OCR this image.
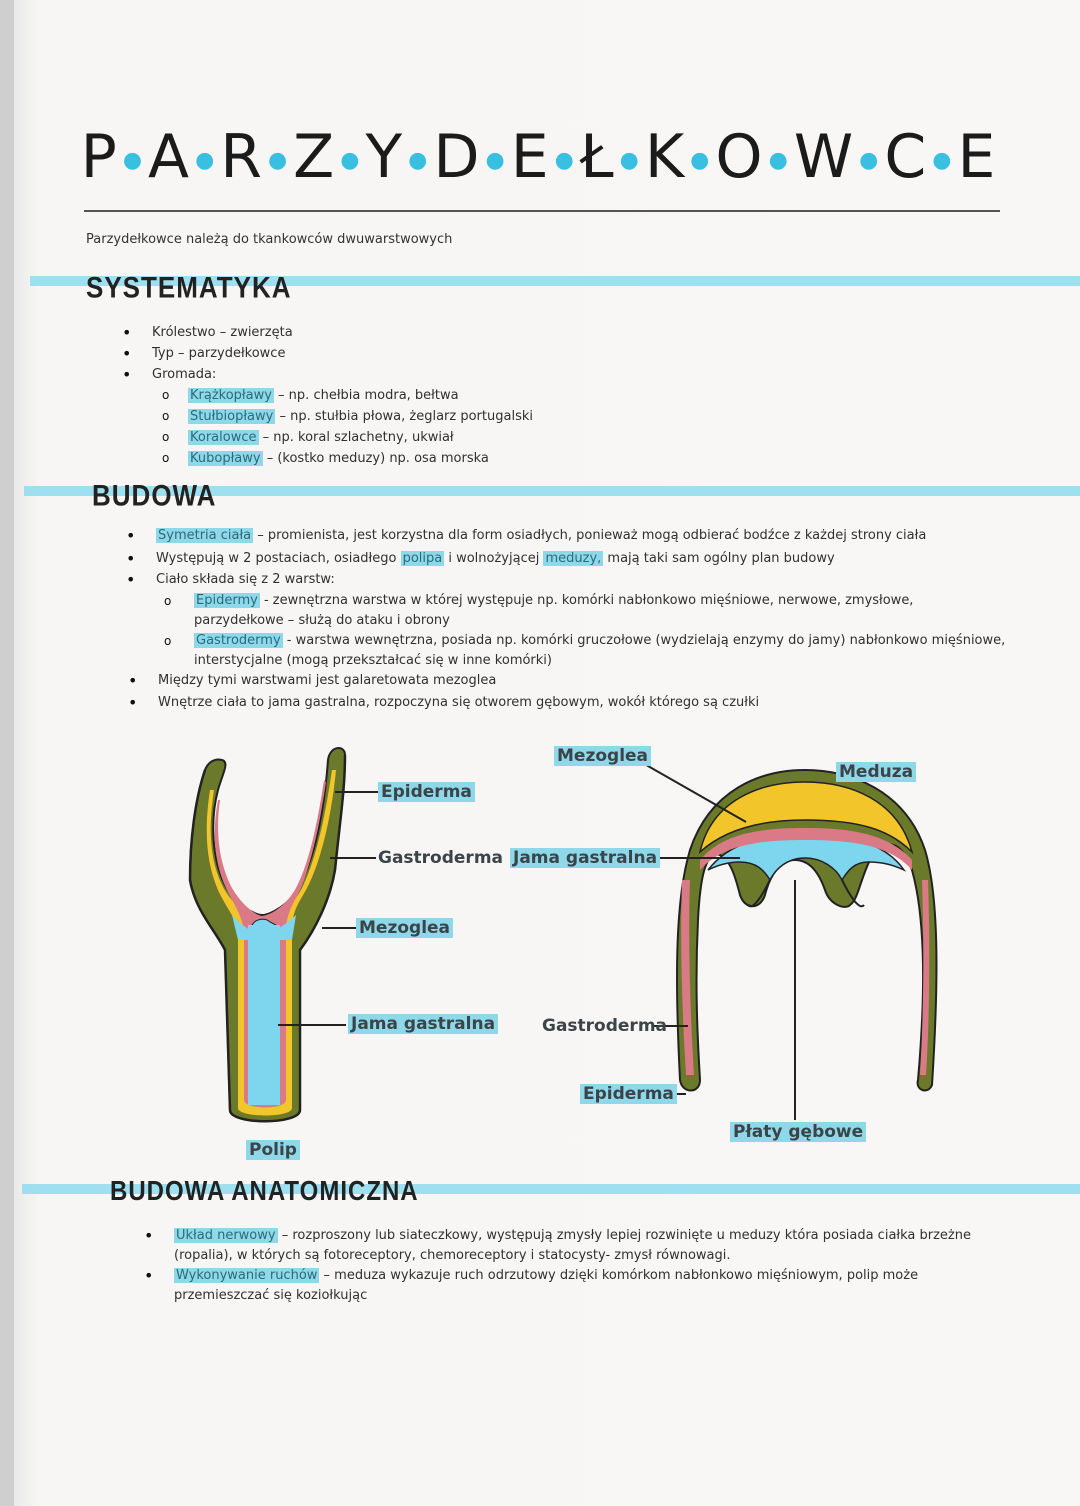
P●A●R●Z●Y●D●E●Ł●K●O●W●C●E
Parzydełkowce należą do tkankowców dwuwarstwowych
SYSTEMATYKA
• Królestwo – zwierzęta
• Typ – parzydełkowce
• Gromada:
o Krążkopławy – np. chełbia modra, bełtwa
o Stułbiopławy – np. stułbia płowa, żeglarz portugalski
o Koralowce – np. koral szlachetny, ukwiał
o Kubopławy – (kostko meduzy) np. osa morska
BUDOWA
• Symetria ciała – promienista, jest korzystna dla form osiadłych, ponieważ mogą odbierać bodźce z każdej strony ciała
• Występują w 2 postaciach, osiadłego polipa i wolnożyjącej meduzy, mają taki sam ogólny plan budowy
• Ciało składa się z 2 warstw:
o Epidermy - zewnętrzna warstwa w której występuje np. komórki nabłonkowo mięśniowe, nerwowe, zmysłowe, parzydełkowe – służą do ataku i obrony
o Gastrodermy - warstwa wewnętrzna, posiada np. komórki gruczołowe (wydzielają enzymy do jamy) nabłonkowo mięśniowe, interstycjalne (mogą przekształcać się w inne komórki)
• Między tymi warstwami jest galaretowata mezoglea
• Wnętrze ciała to jama gastralna, rozpoczyna się otworem gębowym, wokół którego są czułki
Epiderma
Gastroderma
Mezoglea
Jama gastralna
Polip
Mezoglea
Meduza
Jama gastralna
Gastroderma
Epiderma
Płaty gębowe
BUDOWA ANATOMICZNA
• Układ nerwowy – rozproszony lub siateczkowy, występują zmysły lepiej rozwinięte u meduzy która posiada ciałka brzeżne (ropalia), w których są fotoreceptory, chemoreceptory i statocysty- zmysł równowagi.
• Wykonywanie ruchów – meduza wykazuje ruch odrzutowy dzięki komórkom nabłonkowo mięśniowym, polip może przemieszczać się koziołkując
